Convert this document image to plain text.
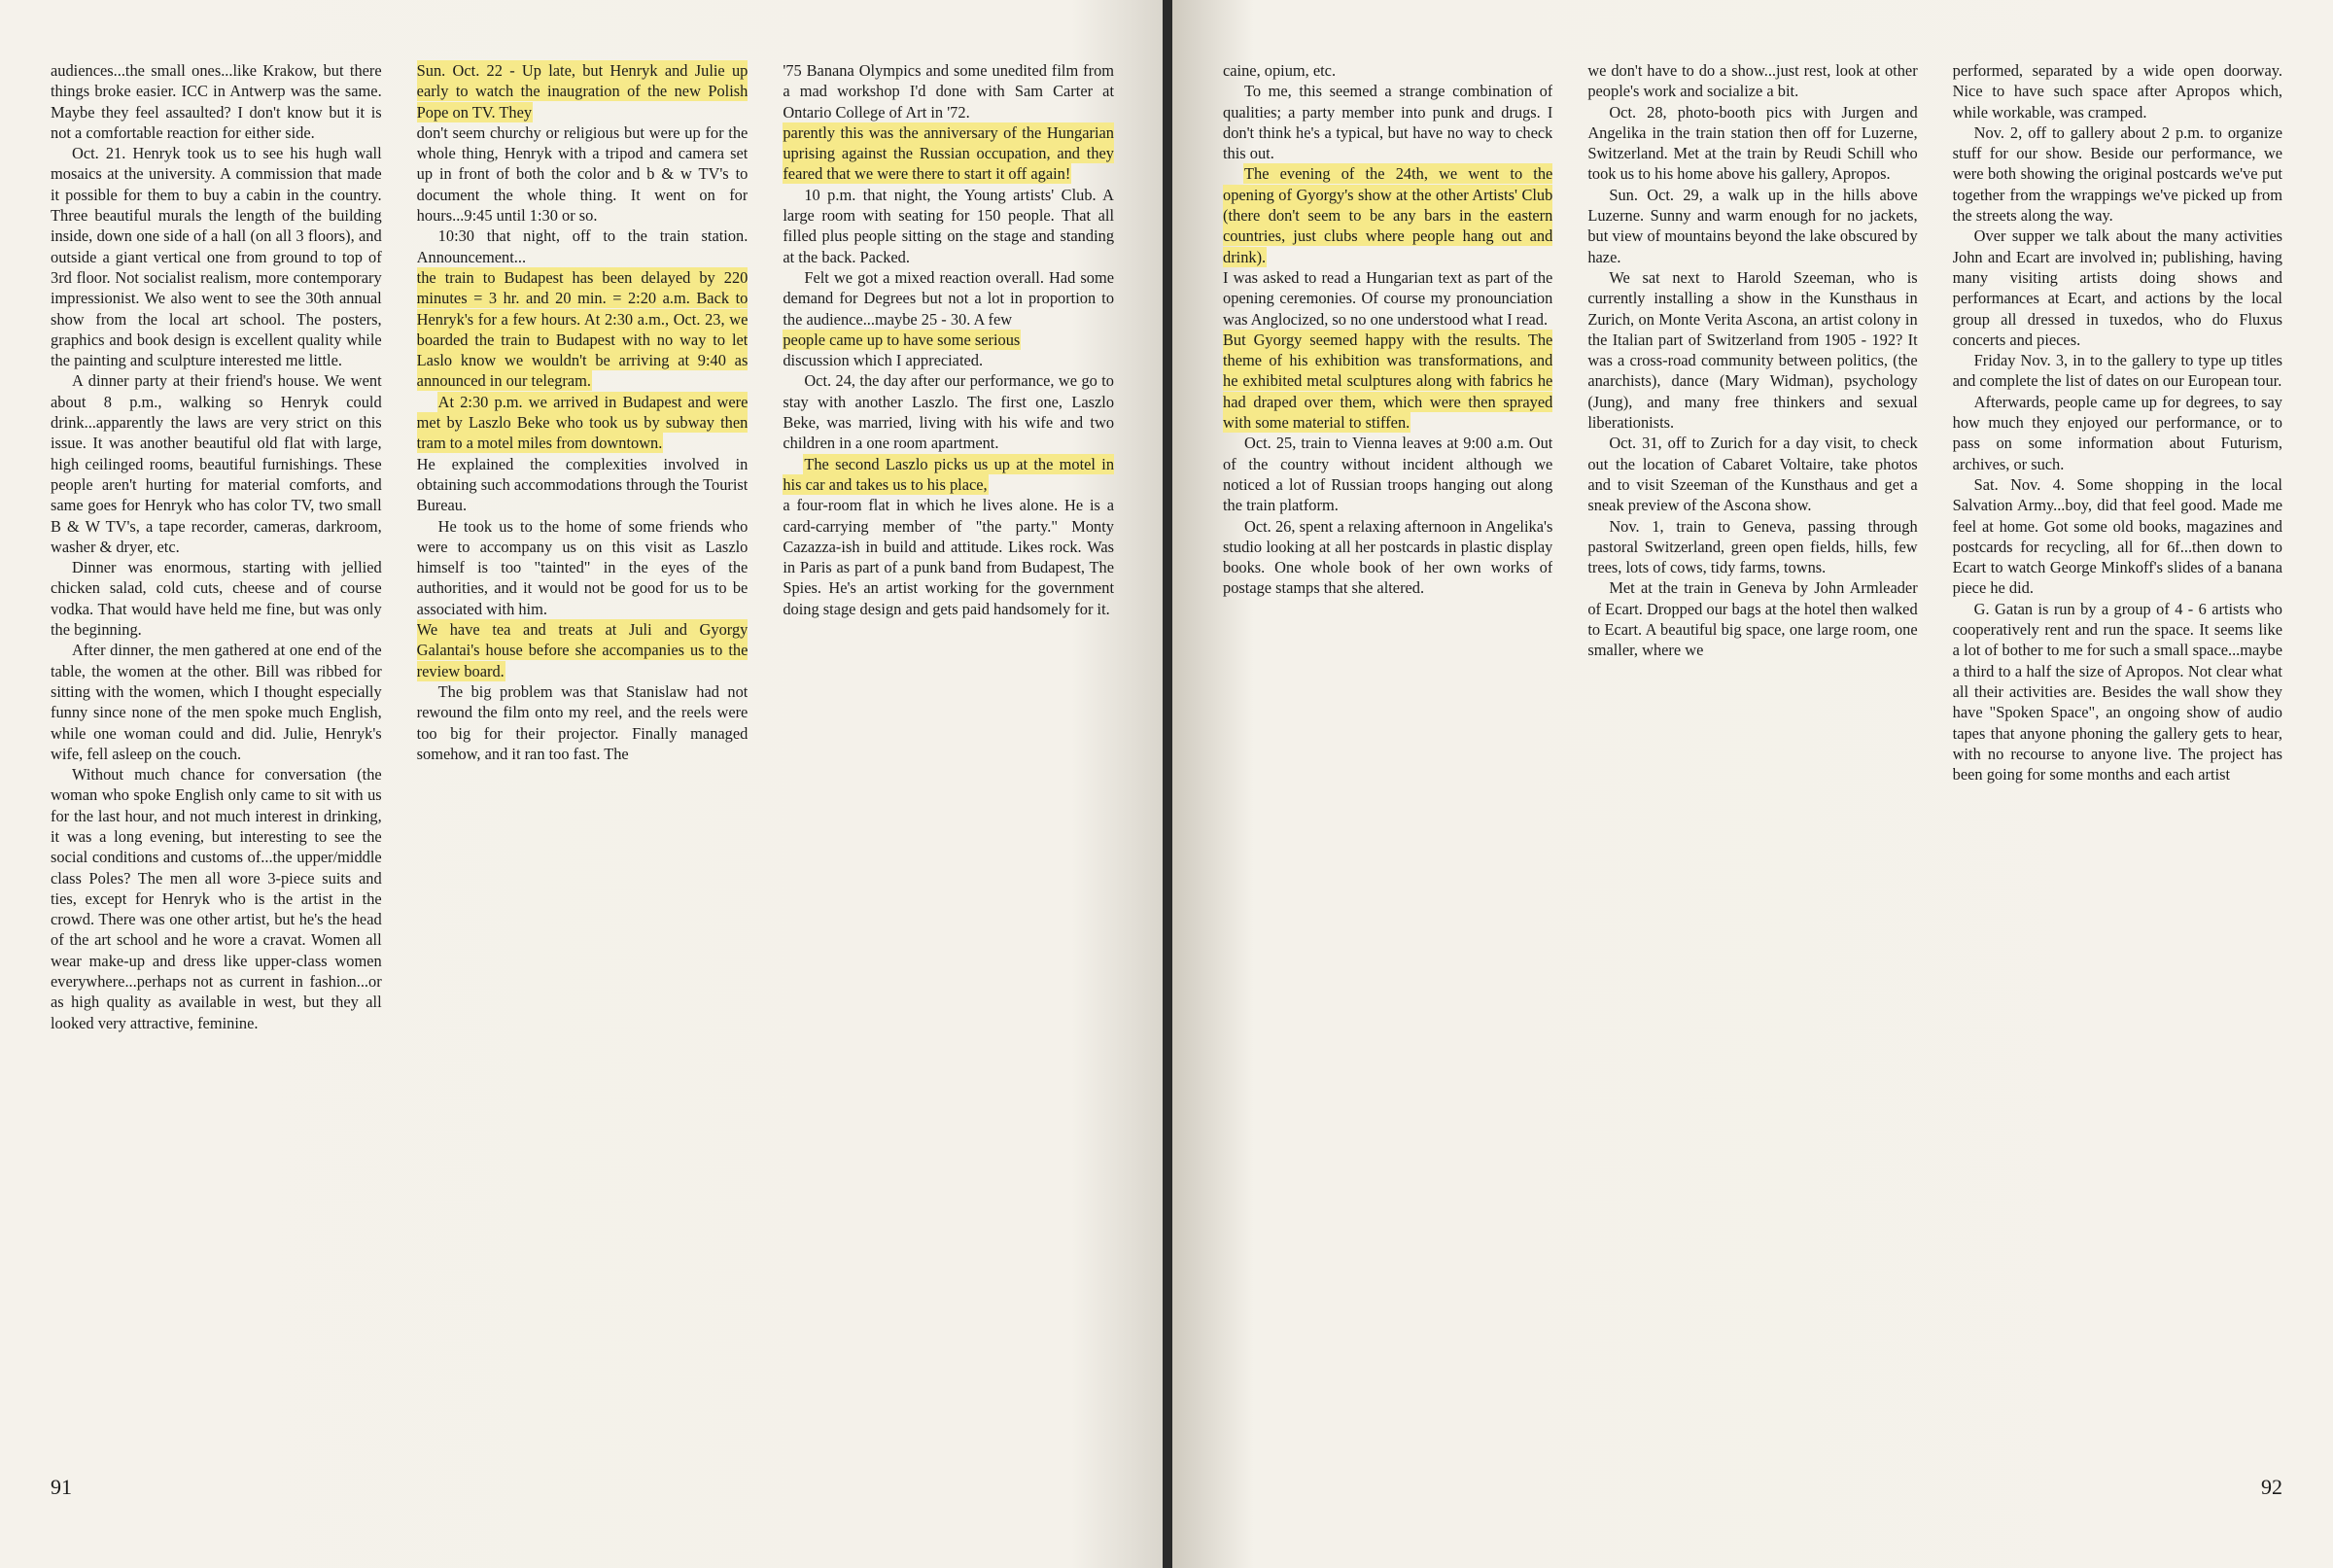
audiences...the small ones...like Krakow, but there things broke easier. ICC in Antwerp was the same. Maybe they feel assaulted? I don't know but it is not a comfortable reaction for either side.

Oct. 21. Henryk took us to see his hugh wall mosaics at the university. A commission that made it possible for them to buy a cabin in the country. Three beautiful murals the length of the building inside, down one side of a hall (on all 3 floors), and outside a giant vertical one from ground to top of 3rd floor. Not socialist realism, more contemporary impressionist. We also went to see the 30th annual show from the local art school. The posters, graphics and book design is excellent quality while the painting and sculpture interested me little.

A dinner party at their friend's house. We went about 8 p.m., walking so Henryk could drink...apparently the laws are very strict on this issue. It was another beautiful old flat with large, high ceilinged rooms, beautiful furnishings. These people aren't hurting for material comforts, and same goes for Henryk who has color TV, two small B & W TV's, a tape recorder, cameras, darkroom, washer & dryer, etc.

Dinner was enormous, starting with jellied chicken salad, cold cuts, cheese and of course vodka. That would have held me fine, but was only the beginning.

After dinner, the men gathered at one end of the table, the women at the other. Bill was ribbed for sitting with the women, which I thought especially funny since none of the men spoke much English, while one woman could and did. Julie, Henryk's wife, fell asleep on the couch.

Without much chance for conversation (the woman who spoke English only came to sit with us for the last hour, and not much interest in drinking, it was a long evening, but interesting to see the social conditions and customs of...the upper/middle class Poles? The men all wore 3-piece suits and ties, except for Henryk who is the artist in the crowd. There was one other artist, but he's the head of the art school and he wore a cravat. Women all wear make-up and dress like upper-class women everywhere...perhaps not as current in fashion...or as high quality as available in west, but they all looked very attractive, feminine.

Sun. Oct. 22 - Up late, but Henryk and Julie up early to watch the inaugration of the new Polish Pope on TV. They

don't seem churchy or religious but were up for the whole thing, Henryk with a tripod and camera set up in front of both the color and b & w TV's to document the whole thing. It went on for hours...9:45 until 1:30 or so.

10:30 that night, off to the train station. Announcement...

the train to Budapest has been delayed by 220 minutes = 3 hr. and 20 min. = 2:20 a.m. Back to Henryk's for a few hours. At 2:30 a.m., Oct. 23, we boarded the train to Budapest with no way to let Laslo know we wouldn't be arriving at 9:40 as announced in our telegram.

At 2:30 p.m. we arrived in Budapest and were met by Laszlo Beke who took us by subway then tram to a motel miles from downtown.

He explained the complexities involved in obtaining such accommodations through the Tourist Bureau.

He took us to the home of some friends who were to accompany us on this visit as Laszlo himself is too "tainted" in the eyes of the authorities, and it would not be good for us to be associated with him.

We have tea and treats at Juli and Gyorgy Galantai's house before she accompanies us to the review board.

The big problem was that Stanislaw had not rewound the film onto my reel, and the reels were too big for their projector. Finally managed somehow, and it ran too fast. The

'75 Banana Olympics and some unedited film from a mad workshop I'd done with Sam Carter at Ontario College of Art in '72.

parently this was the anniversary of the Hungarian uprising against the Russian occupation, and they feared that we were there to start it off again!

10 p.m. that night, the Young artists' Club. A large room with seating for 150 people. That all filled plus people sitting on the stage and standing at the back. Packed.

Felt we got a mixed reaction overall. Had some demand for Degrees but not a lot in proportion to the audience...maybe 25 - 30. A few

people came up to have some serious

discussion which I appreciated.

Oct. 24, the day after our performance, we go to stay with another Laszlo. The first one, Laszlo Beke, was married, living with his wife and two children in a one room apartment.

The second Laszlo picks us up at the motel in his car and takes us to his place,

a four-room flat in which he lives alone. He is a card-carrying member of "the party." Monty Cazazza-ish in build and attitude. Likes rock. Was in Paris as part of a punk band from Budapest, The Spies. He's an artist working for the government doing stage design and gets paid handsomely for it.

91

caine, opium, etc.

To me, this seemed a strange combination of qualities; a party member into punk and drugs. I don't think he's a typical, but have no way to check this out.

The evening of the 24th, we went to the opening of Gyorgy's show at the other Artists' Club (there don't seem to be any bars in the eastern countries, just clubs where people hang out and drink).

I was asked to read a Hungarian text as part of the opening ceremonies. Of course my pronounciation was Anglocized, so no one understood what I read.

But Gyorgy seemed happy with the results. The theme of his exhibition was transformations, and he exhibited metal sculptures along with fabrics he had draped over them, which were then sprayed with some material to stiffen.

Oct. 25, train to Vienna leaves at 9:00 a.m. Out of the country without incident although we noticed a lot of Russian troops hanging out along the train platform.

Oct. 26, spent a relaxing afternoon in Angelika's studio looking at all her postcards in plastic display books. One whole book of her own works of postage stamps that she altered.

we don't have to do a show...just rest, look at other people's work and socialize a bit.

Oct. 28, photo-booth pics with Jurgen and Angelika in the train station then off for Luzerne, Switzerland. Met at the train by Reudi Schill who took us to his home above his gallery, Apropos.

Sun. Oct. 29, a walk up in the hills above Luzerne. Sunny and warm enough for no jackets, but view of mountains beyond the lake obscured by haze.

We sat next to Harold Szeeman, who is currently installing a show in the Kunsthaus in Zurich, on Monte Verita Ascona, an artist colony in the Italian part of Switzerland from 1905 - 192? It was a cross-road community between politics, (the anarchists), dance (Mary Widman), psychology (Jung), and many free thinkers and sexual liberationists.

Oct. 31, off to Zurich for a day visit, to check out the location of Cabaret Voltaire, take photos and to visit Szeeman of the Kunsthaus and get a sneak preview of the Ascona show.

Nov. 1, train to Geneva, passing through pastoral Switzerland, green open fields, hills, few trees, lots of cows, tidy farms, towns.

Met at the train in Geneva by John Armleader of Ecart. Dropped our bags at the hotel then walked to Ecart. A beautiful big space, one large room, one smaller, where we

performed, separated by a wide open doorway. Nice to have such space after Apropos which, while workable, was cramped.

Nov. 2, off to gallery about 2 p.m. to organize stuff for our show. Beside our performance, we were both showing the original postcards we've put together from the wrappings we've picked up from the streets along the way.

Over supper we talk about the many activities John and Ecart are involved in; publishing, having many visiting artists doing shows and performances at Ecart, and actions by the local group all dressed in tuxedos, who do Fluxus concerts and pieces.

Friday Nov. 3, in to the gallery to type up titles and complete the list of dates on our European tour.

Afterwards, people came up for degrees, to say how much they enjoyed our performance, or to pass on some information about Futurism, archives, or such.

Sat. Nov. 4. Some shopping in the local Salvation Army...boy, did that feel good. Made me feel at home. Got some old books, magazines and postcards for recycling, all for 6f...then down to Ecart to watch George Minkoff's slides of a banana piece he did.

G. Gatan is run by a group of 4 - 6 artists who cooperatively rent and run the space. It seems like a lot of bother to me for such a small space...maybe a third to a half the size of Apropos. Not clear what all their activities are. Besides the wall show they have "Spoken Space", an ongoing show of audio tapes that anyone phoning the gallery gets to hear, with no recourse to anyone live. The project has been going for some months and each artist

92
